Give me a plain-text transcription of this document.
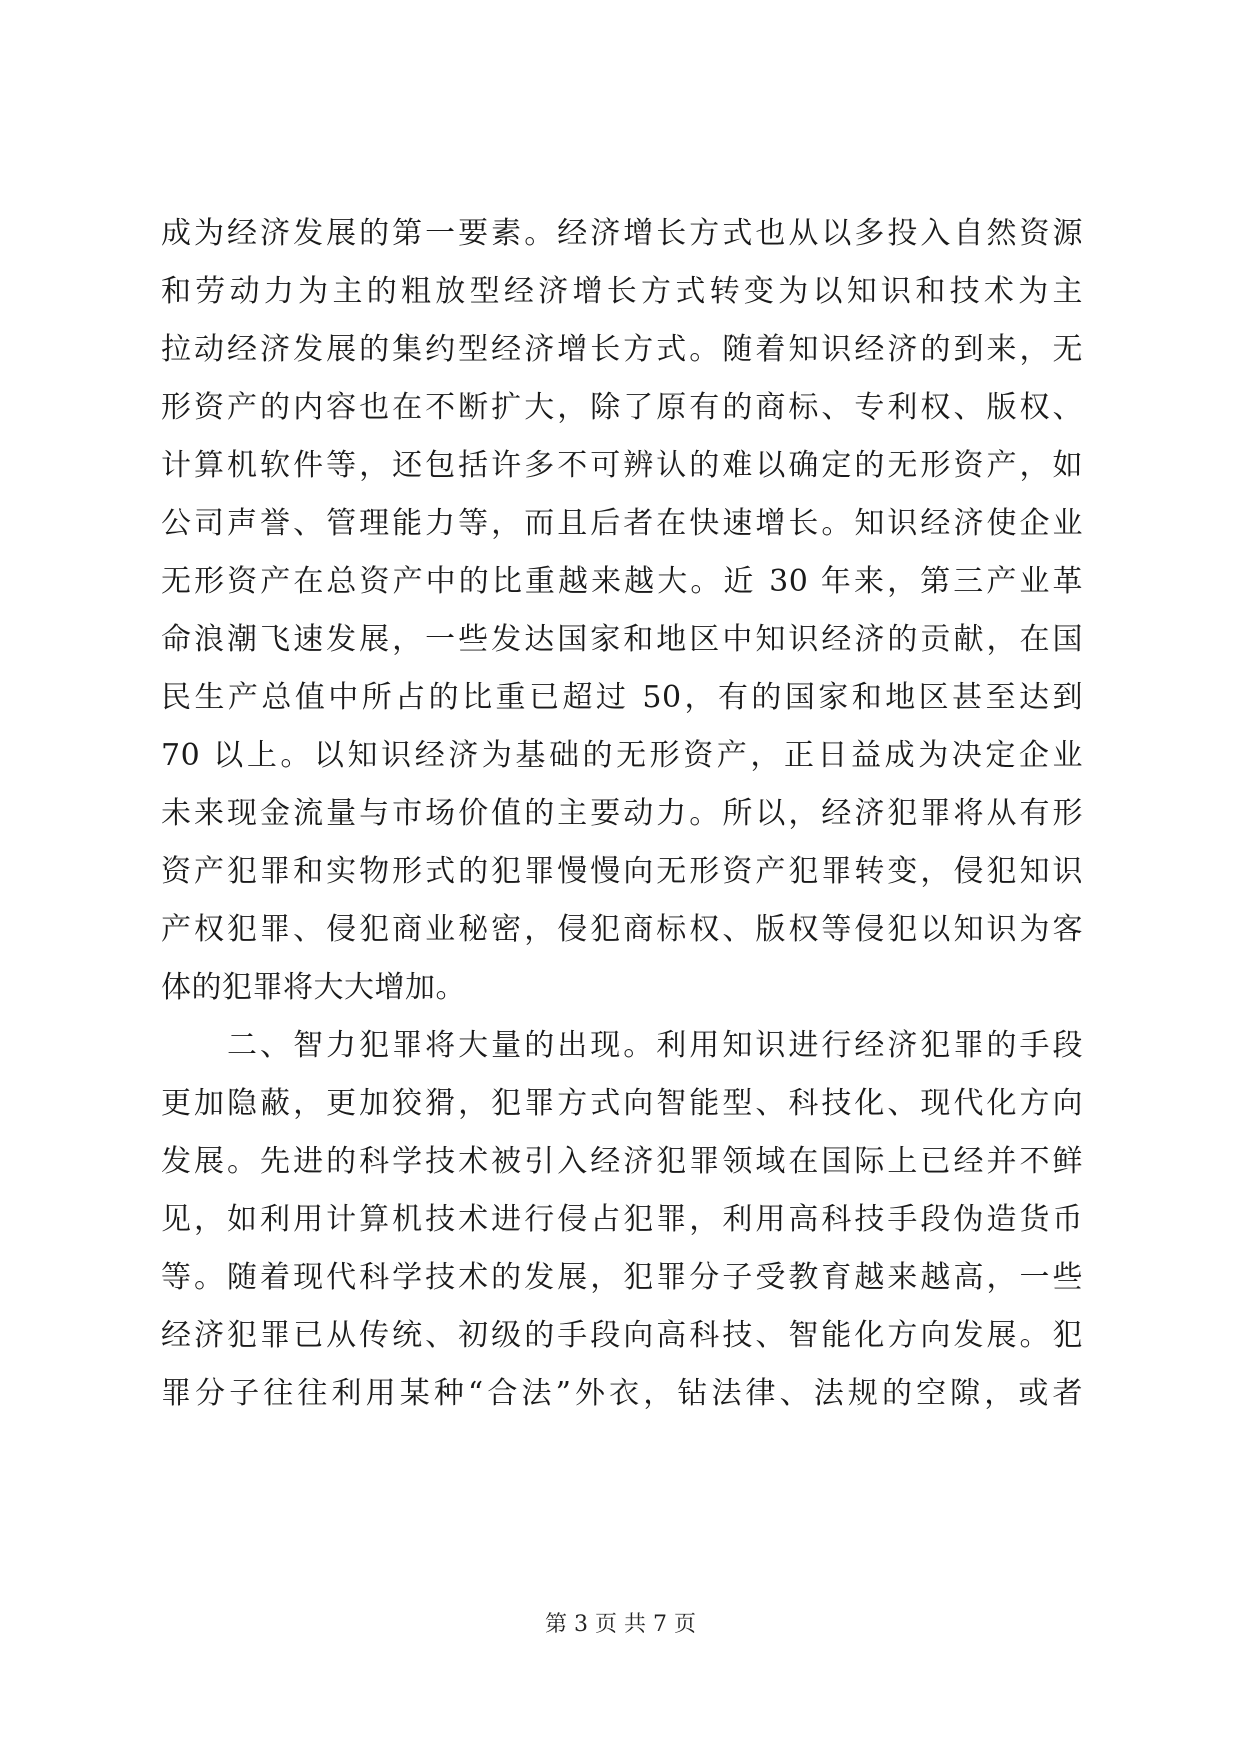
成为经济发展的第一要素。经济增长方式也从以多投入自然资源
和劳动力为主的粗放型经济增长方式转变为以知识和技术为主
拉动经济发展的集约型经济增长方式。随着知识经济的到来，无
形资产的内容也在不断扩大，除了原有的商标、专利权、版权、
计算机软件等，还包括许多不可辨认的难以确定的无形资产，如
公司声誉、管理能力等，而且后者在快速增长。知识经济使企业
无形资产在总资产中的比重越来越大。近 30 年来，第三产业革
命浪潮飞速发展，一些发达国家和地区中知识经济的贡献，在国
民生产总值中所占的比重已超过 50，有的国家和地区甚至达到
70 以上。以知识经济为基础的无形资产，正日益成为决定企业
未来现金流量与市场价值的主要动力。所以，经济犯罪将从有形
资产犯罪和实物形式的犯罪慢慢向无形资产犯罪转变，侵犯知识
产权犯罪、侵犯商业秘密，侵犯商标权、版权等侵犯以知识为客
体的犯罪将大大增加。
　　二、智力犯罪将大量的出现。利用知识进行经济犯罪的手段
更加隐蔽，更加狡猾，犯罪方式向智能型、科技化、现代化方向
发展。先进的科学技术被引入经济犯罪领域在国际上已经并不鲜
见，如利用计算机技术进行侵占犯罪，利用高科技手段伪造货币
等。随着现代科学技术的发展，犯罪分子受教育越来越高，一些
经济犯罪已从传统、初级的手段向高科技、智能化方向发展。犯
罪分子往往利用某种“合法”外衣，钻法律、法规的空隙，或者
第 3 页 共 7 页
